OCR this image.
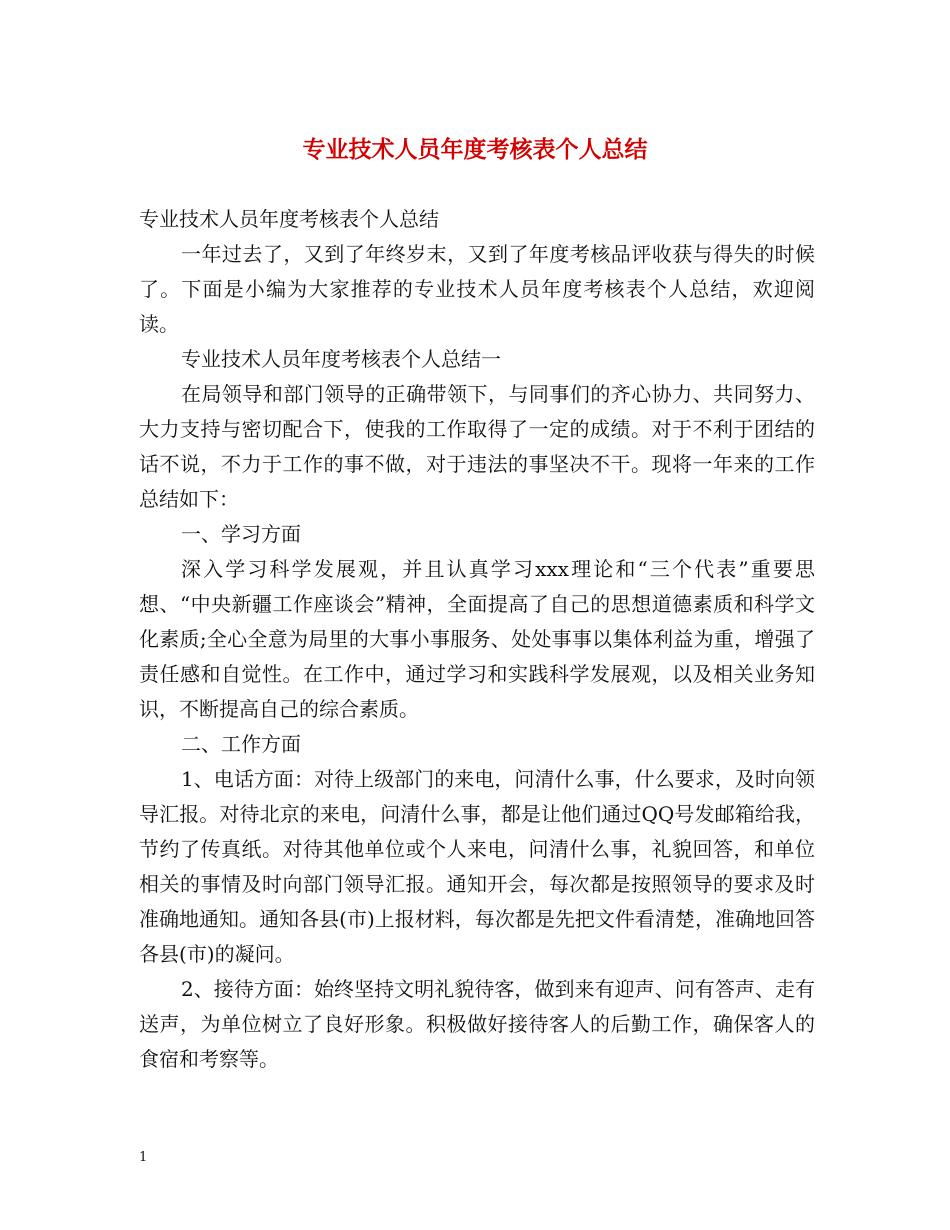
专业技术人员年度考核表个人总结

专业技术人员年度考核表个人总结

一年过去了，又到了年终岁末，又到了年度考核品评收获与得失的时候了。下面是小编为大家推荐的专业技术人员年度考核表个人总结，欢迎阅读。

专业技术人员年度考核表个人总结一

在局领导和部门领导的正确带领下，与同事们的齐心协力、共同努力、大力支持与密切配合下，使我的工作取得了一定的成绩。对于不利于团结的话不说，不力于工作的事不做，对于违法的事坚决不干。现将一年来的工作总结如下：

一、学习方面

深入学习科学发展观，并且认真学习xxx理论和“三个代表”重要思想、“中央新疆工作座谈会”精神，全面提高了自己的思想道德素质和科学文化素质;全心全意为局里的大事小事服务、处处事事以集体利益为重，增强了责任感和自觉性。在工作中，通过学习和实践科学发展观，以及相关业务知识，不断提高自己的综合素质。

二、工作方面

1、电话方面：对待上级部门的来电，问清什么事，什么要求，及时向领导汇报。对待北京的来电，问清什么事，都是让他们通过QQ号发邮箱给我，节约了传真纸。对待其他单位或个人来电，问清什么事，礼貌回答，和单位相关的事情及时向部门领导汇报。通知开会，每次都是按照领导的要求及时准确地通知。通知各县(市)上报材料，每次都是先把文件看清楚，准确地回答各县(市)的凝问。

2、接待方面：始终坚持文明礼貌待客，做到来有迎声、问有答声、走有送声，为单位树立了良好形象。积极做好接待客人的后勤工作，确保客人的食宿和考察等。

1
